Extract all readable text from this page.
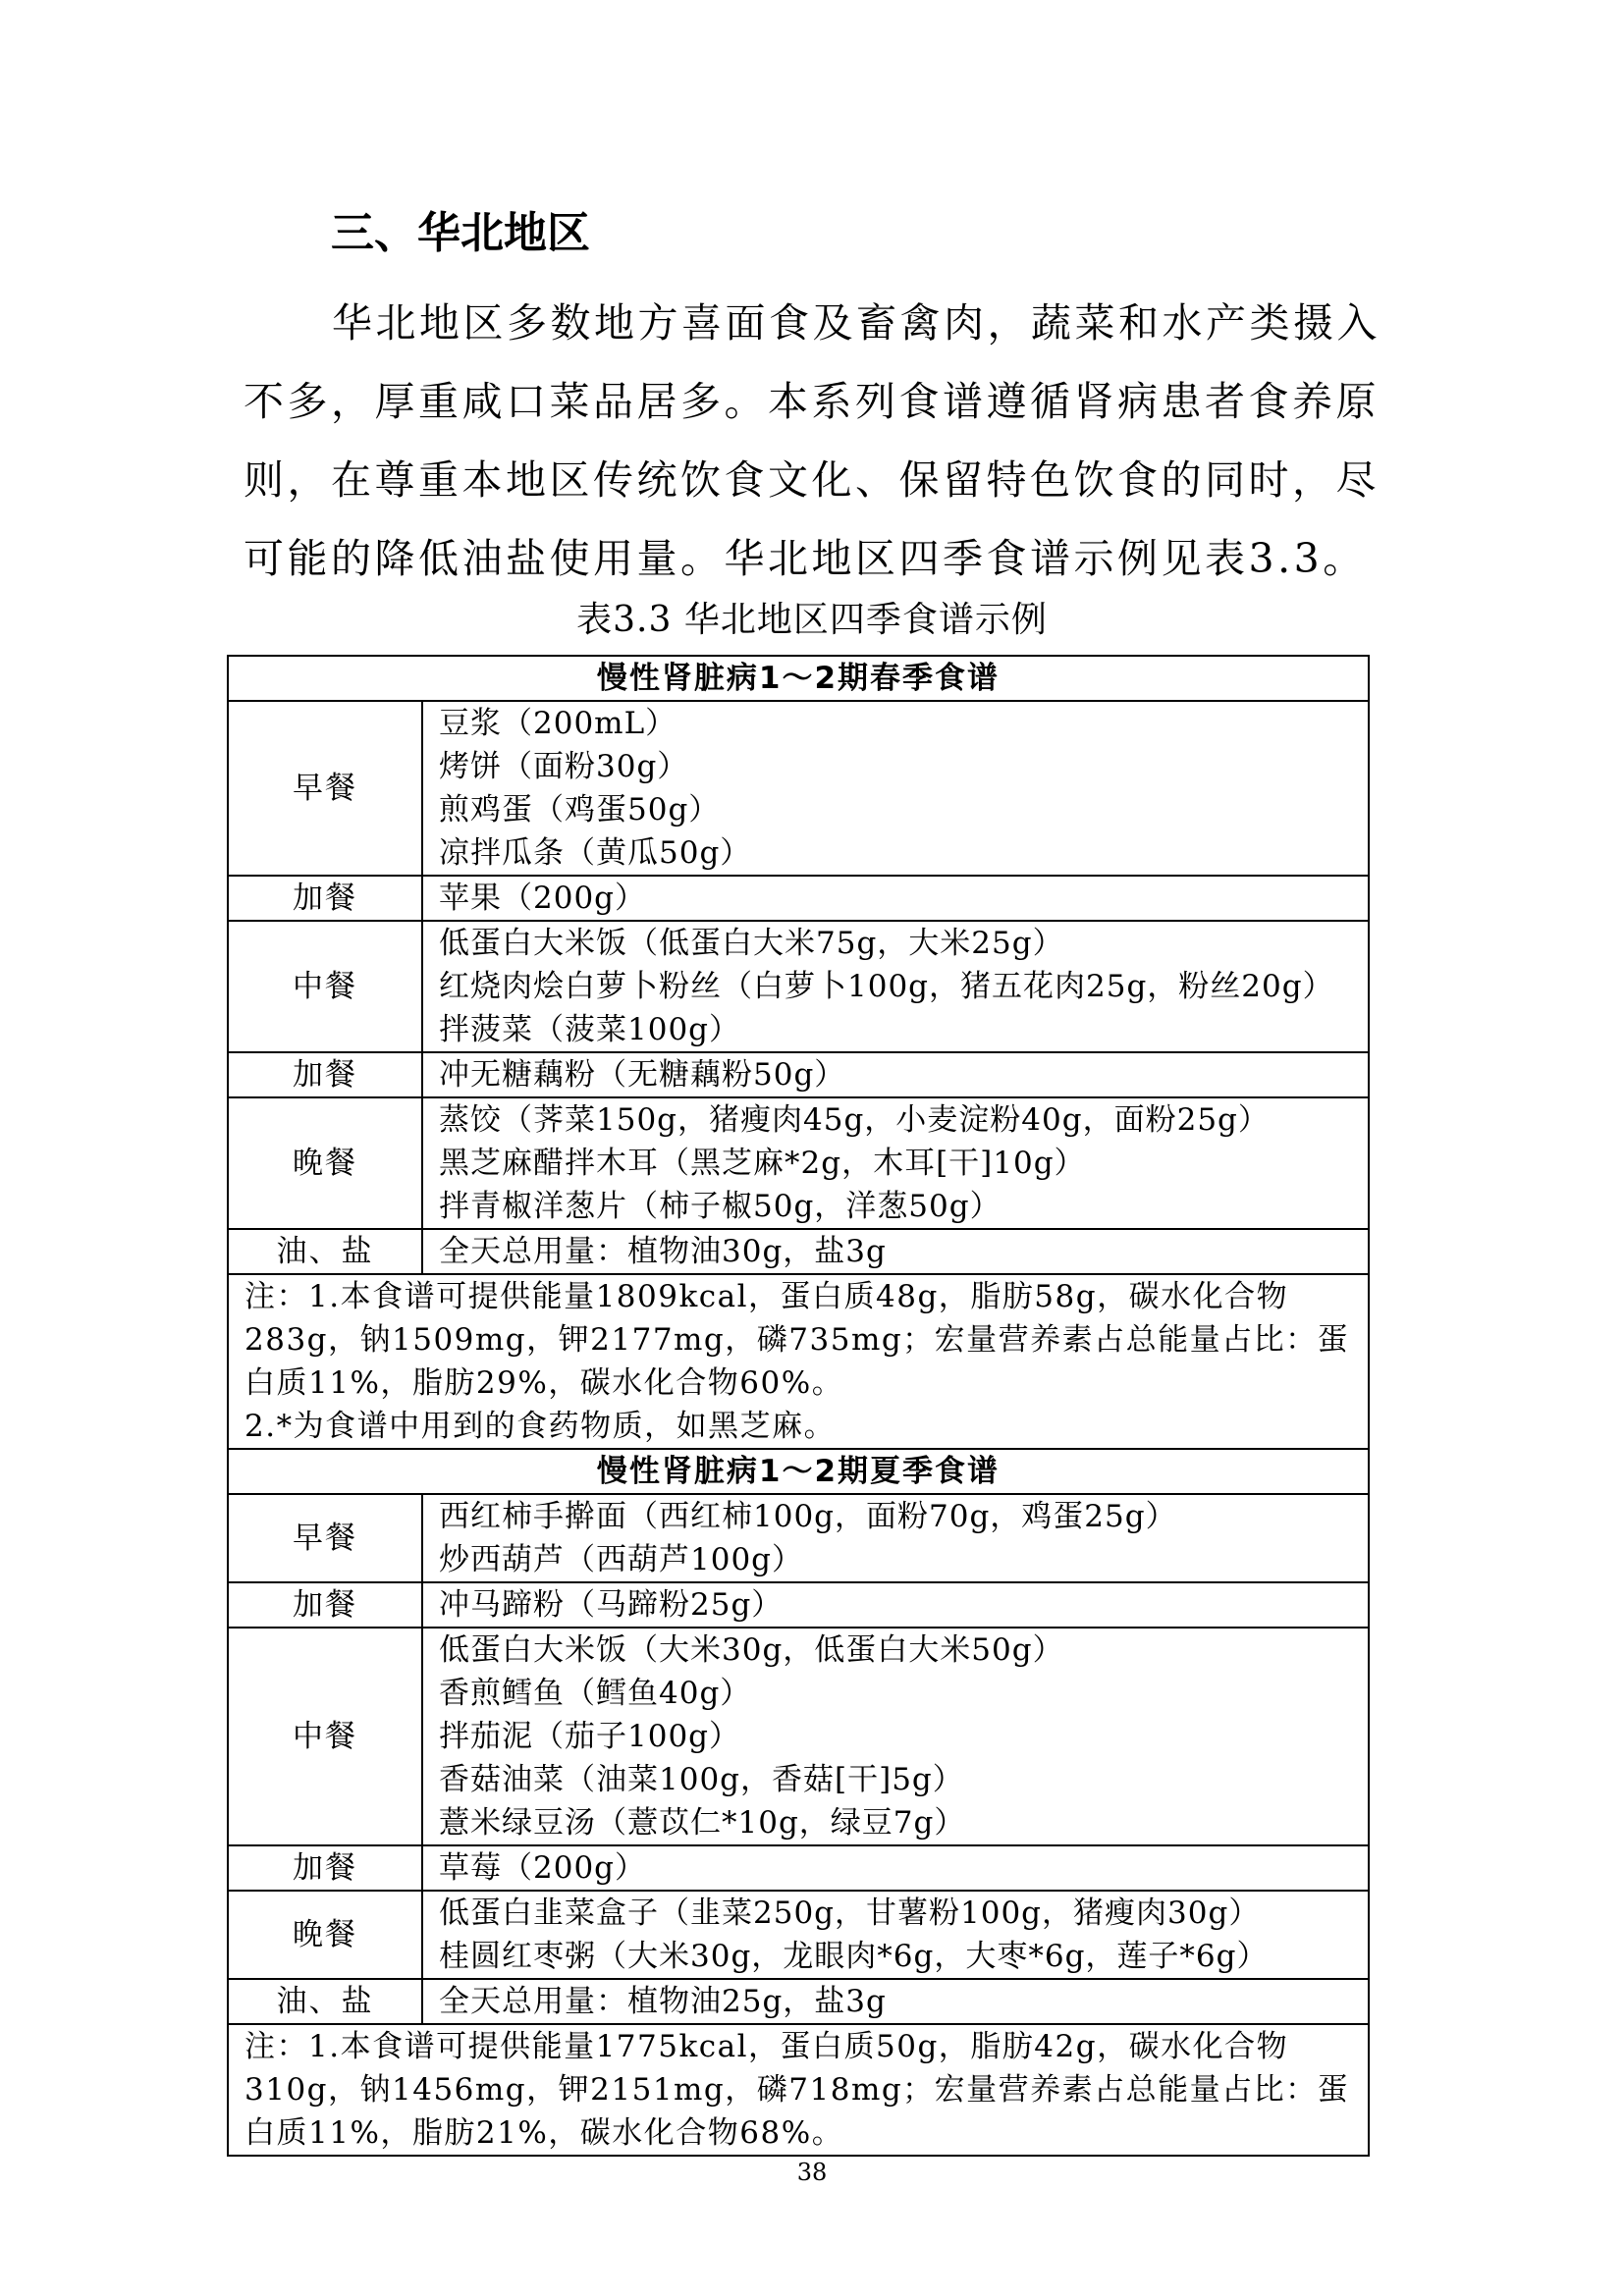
三、华北地区

华北地区多数地方喜面食及畜禽肉，蔬菜和水产类摄入不多，厚重咸口菜品居多。本系列食谱遵循肾病患者食养原则，在尊重本地区传统饮食文化、保留特色饮食的同时，尽可能的降低油盐使用量。华北地区四季食谱示例见表3.3。

表3.3 华北地区四季食谱示例

慢性肾脏病1～2期春季食谱	
早餐	豆浆（200mL）
烤饼（面粉30g）
煎鸡蛋（鸡蛋50g）
凉拌瓜条（黄瓜50g）

加餐	苹果（200g）

中餐	低蛋白大米饭（低蛋白大米75g，大米25g）
红烧肉烩白萝卜粉丝（白萝卜100g，猪五花肉25g，粉丝20g）
拌菠菜（菠菜100g）

加餐	冲无糖藕粉（无糖藕粉50g）

晚餐	蒸饺（荠菜150g，猪瘦肉45g，小麦淀粉40g，面粉25g）
黑芝麻醋拌木耳（黑芝麻*2g，木耳[干]10g）
拌青椒洋葱片（柿子椒50g，洋葱50g）

油、盐	全天总用量：植物油30g，盐3g

注：1.本食谱可提供能量1809kcal，蛋白质48g，脂肪58g，碳水化合物283g，钠1509mg，钾2177mg，磷735mg；宏量营养素占总能量占比：蛋白质11%，脂肪29%，碳水化合物60%。
2.*为食谱中用到的食药物质，如黑芝麻。	

慢性肾脏病1～2期夏季食谱	
早餐	西红柿手擀面（西红柿100g，面粉70g，鸡蛋25g）
炒西葫芦（西葫芦100g）

加餐	冲马蹄粉（马蹄粉25g）

中餐	低蛋白大米饭（大米30g，低蛋白大米50g）
香煎鳕鱼（鳕鱼40g）
拌茄泥（茄子100g）
香菇油菜（油菜100g，香菇[干]5g）
薏米绿豆汤（薏苡仁*10g，绿豆7g）

加餐	草莓（200g）

晚餐	低蛋白韭菜盒子（韭菜250g，甘薯粉100g，猪瘦肉30g）
桂圆红枣粥（大米30g，龙眼肉*6g，大枣*6g，莲子*6g）

油、盐	全天总用量：植物油25g，盐3g

注：1.本食谱可提供能量1775kcal，蛋白质50g，脂肪42g，碳水化合物310g，钠1456mg，钾2151mg，磷718mg；宏量营养素占总能量占比：蛋白质11%，脂肪21%，碳水化合物68%。	

38
